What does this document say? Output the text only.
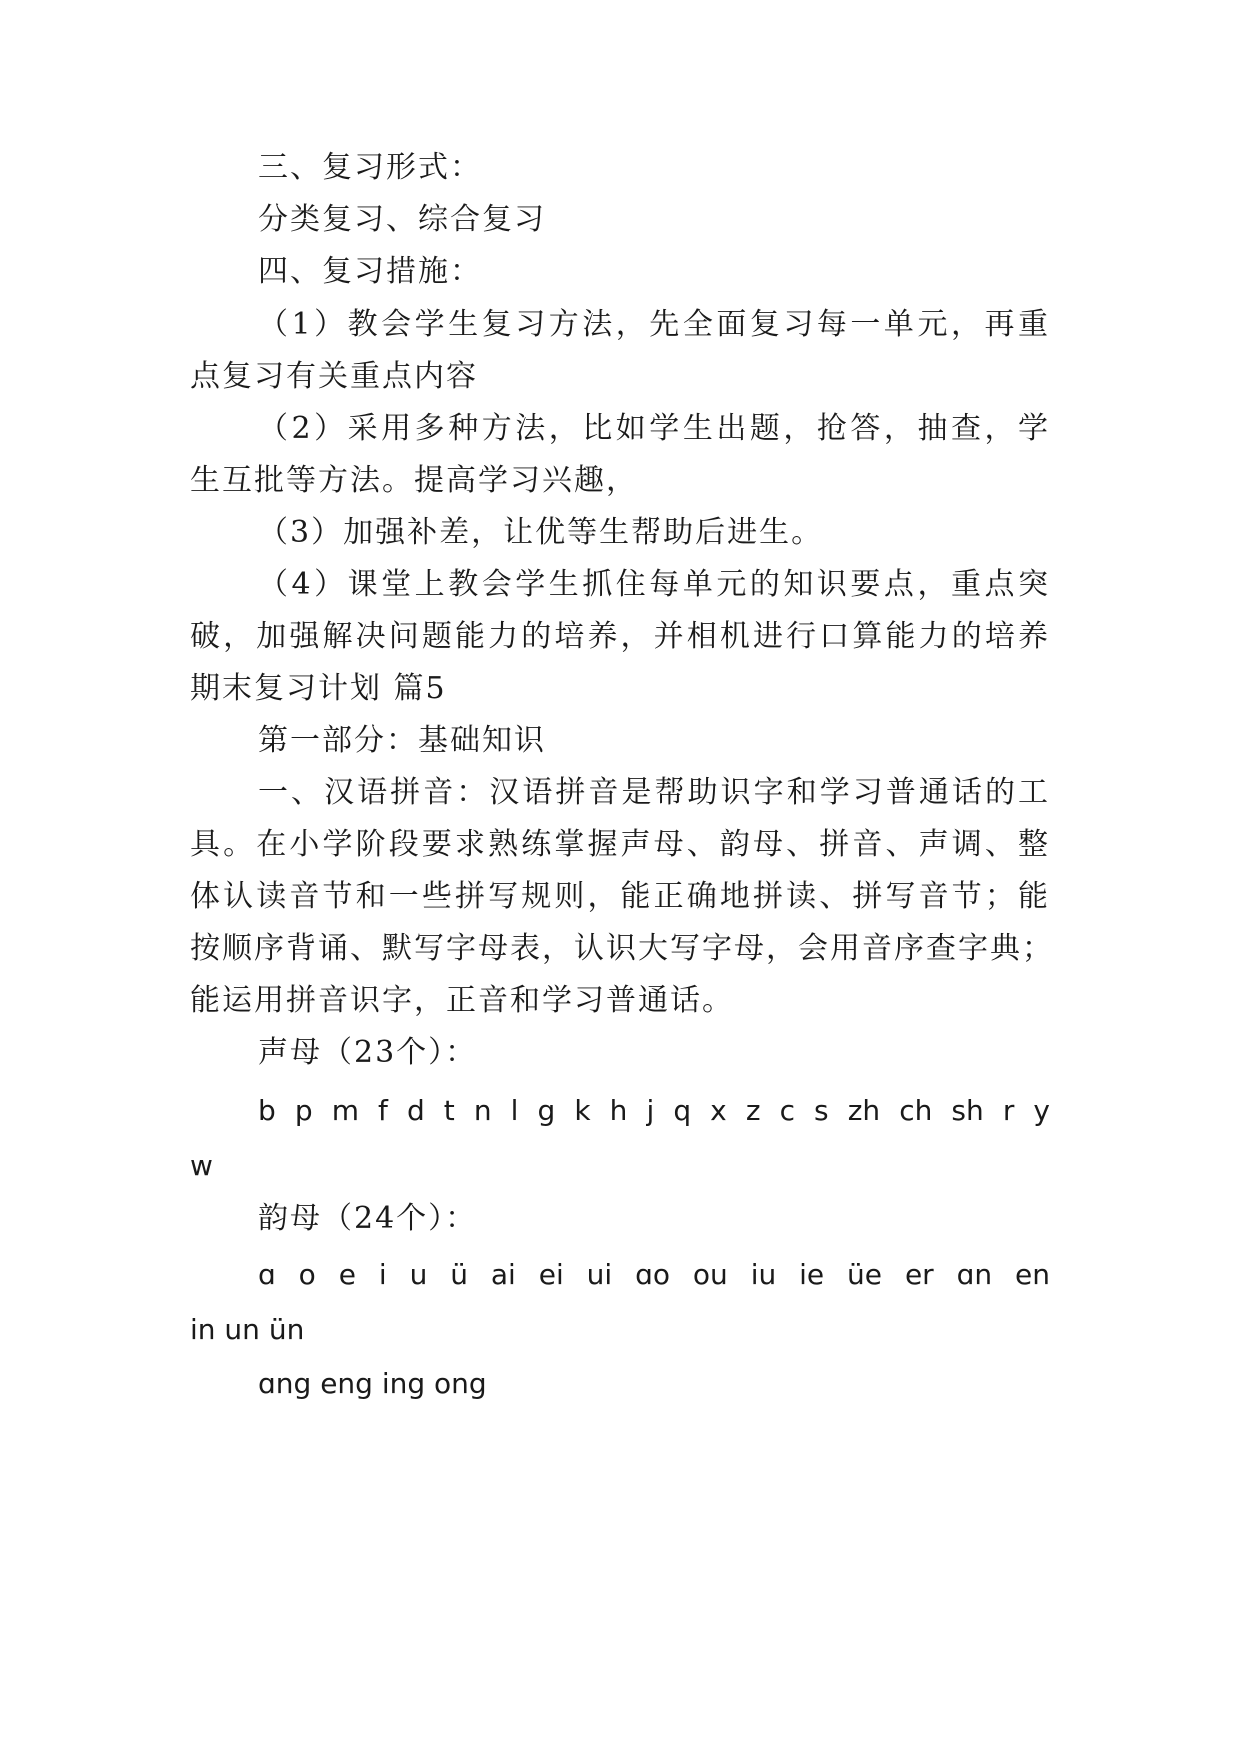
三、复习形式：
分类复习、综合复习
四、复习措施：
（1）教会学生复习方法，先全面复习每一单元，再重
点复习有关重点内容
（2）采用多种方法，比如学生出题，抢答，抽查，学
生互批等方法。提高学习兴趣，
（3）加强补差，让优等生帮助后进生。
（4）课堂上教会学生抓住每单元的知识要点，重点突
破，加强解决问题能力的培养，并相机进行口算能力的培养
期末复习计划 篇5
第一部分：基础知识
一、汉语拼音：汉语拼音是帮助识字和学习普通话的工
具。在小学阶段要求熟练掌握声母、韵母、拼音、声调、整
体认读音节和一些拼写规则，能正确地拼读、拼写音节；能
按顺序背诵、默写字母表，认识大写字母，会用音序查字典；
能运用拼音识字，正音和学习普通话。
声母（23个）：
b p m f d t n l g k h j q x z c s zh ch sh r y
w
韵母（24个）：
ɑ o e i u ü ai ei ui ɑo ou iu ie üe er ɑn en
in un ün
ɑng eng ing ong
